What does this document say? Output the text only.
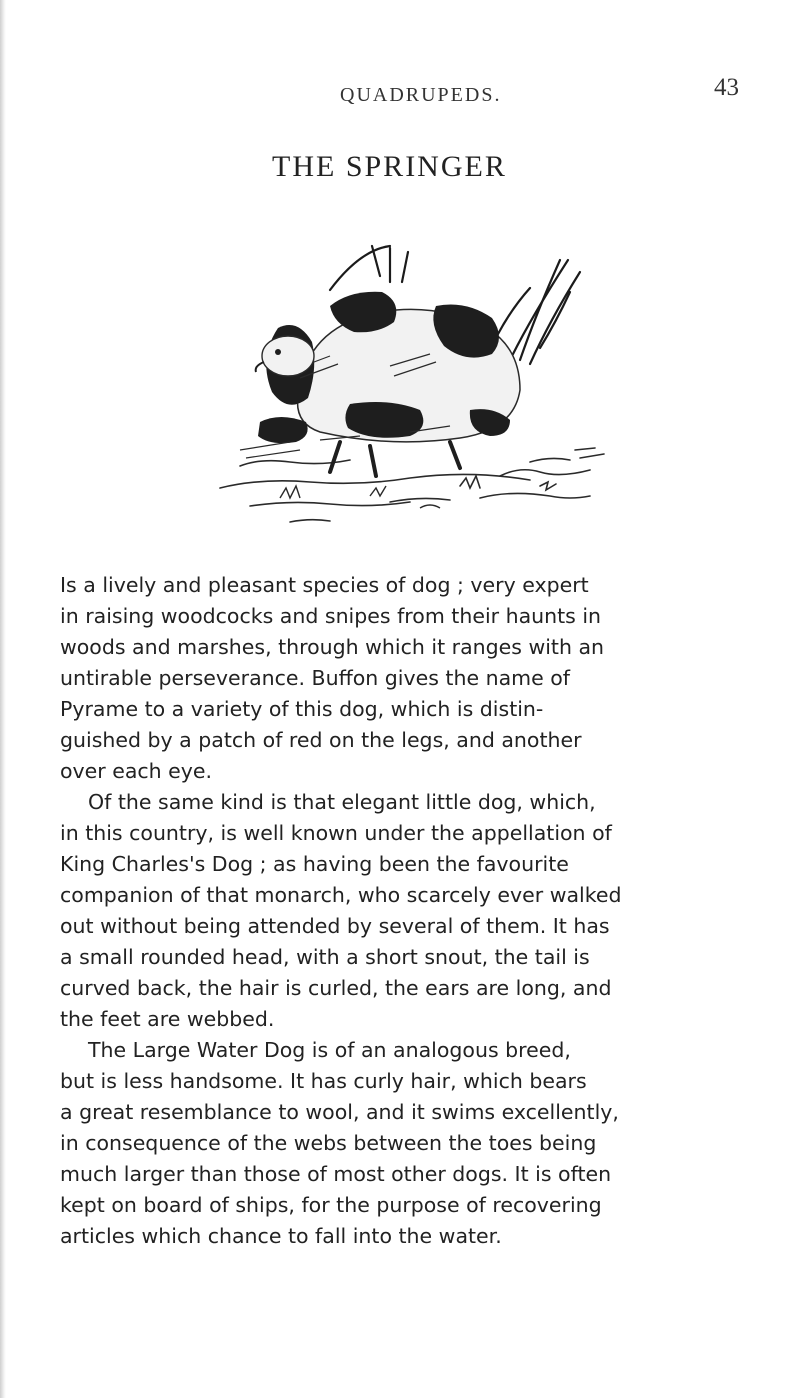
QUADRUPEDS.	43
THE SPRINGER

Is a lively and pleasant species of dog ; very expert
in raising woodcocks and snipes from their haunts in
woods and marshes, through which it ranges with an
untirable perseverance. Buffon gives the name of
Pyrame to a variety of this dog, which is distin-
guished by a patch of red on the legs, and another
over each eye.

Of the same kind is that elegant little dog, which,
in this country, is well known under the appellation of
King Charles's Dog ; as having been the favourite
companion of that monarch, who scarcely ever walked
out without being attended by several of them. It has
a small rounded head, with a short snout, the tail is
curved back, the hair is curled, the ears are long, and
the feet are webbed.

The Large Water Dog is of an analogous breed,
but is less handsome. It has curly hair, which bears
a great resemblance to wool, and it swims excellently,
in consequence of the webs between the toes being
much larger than those of most other dogs. It is often
kept on board of ships, for the purpose of recovering
articles which chance to fall into the water.
